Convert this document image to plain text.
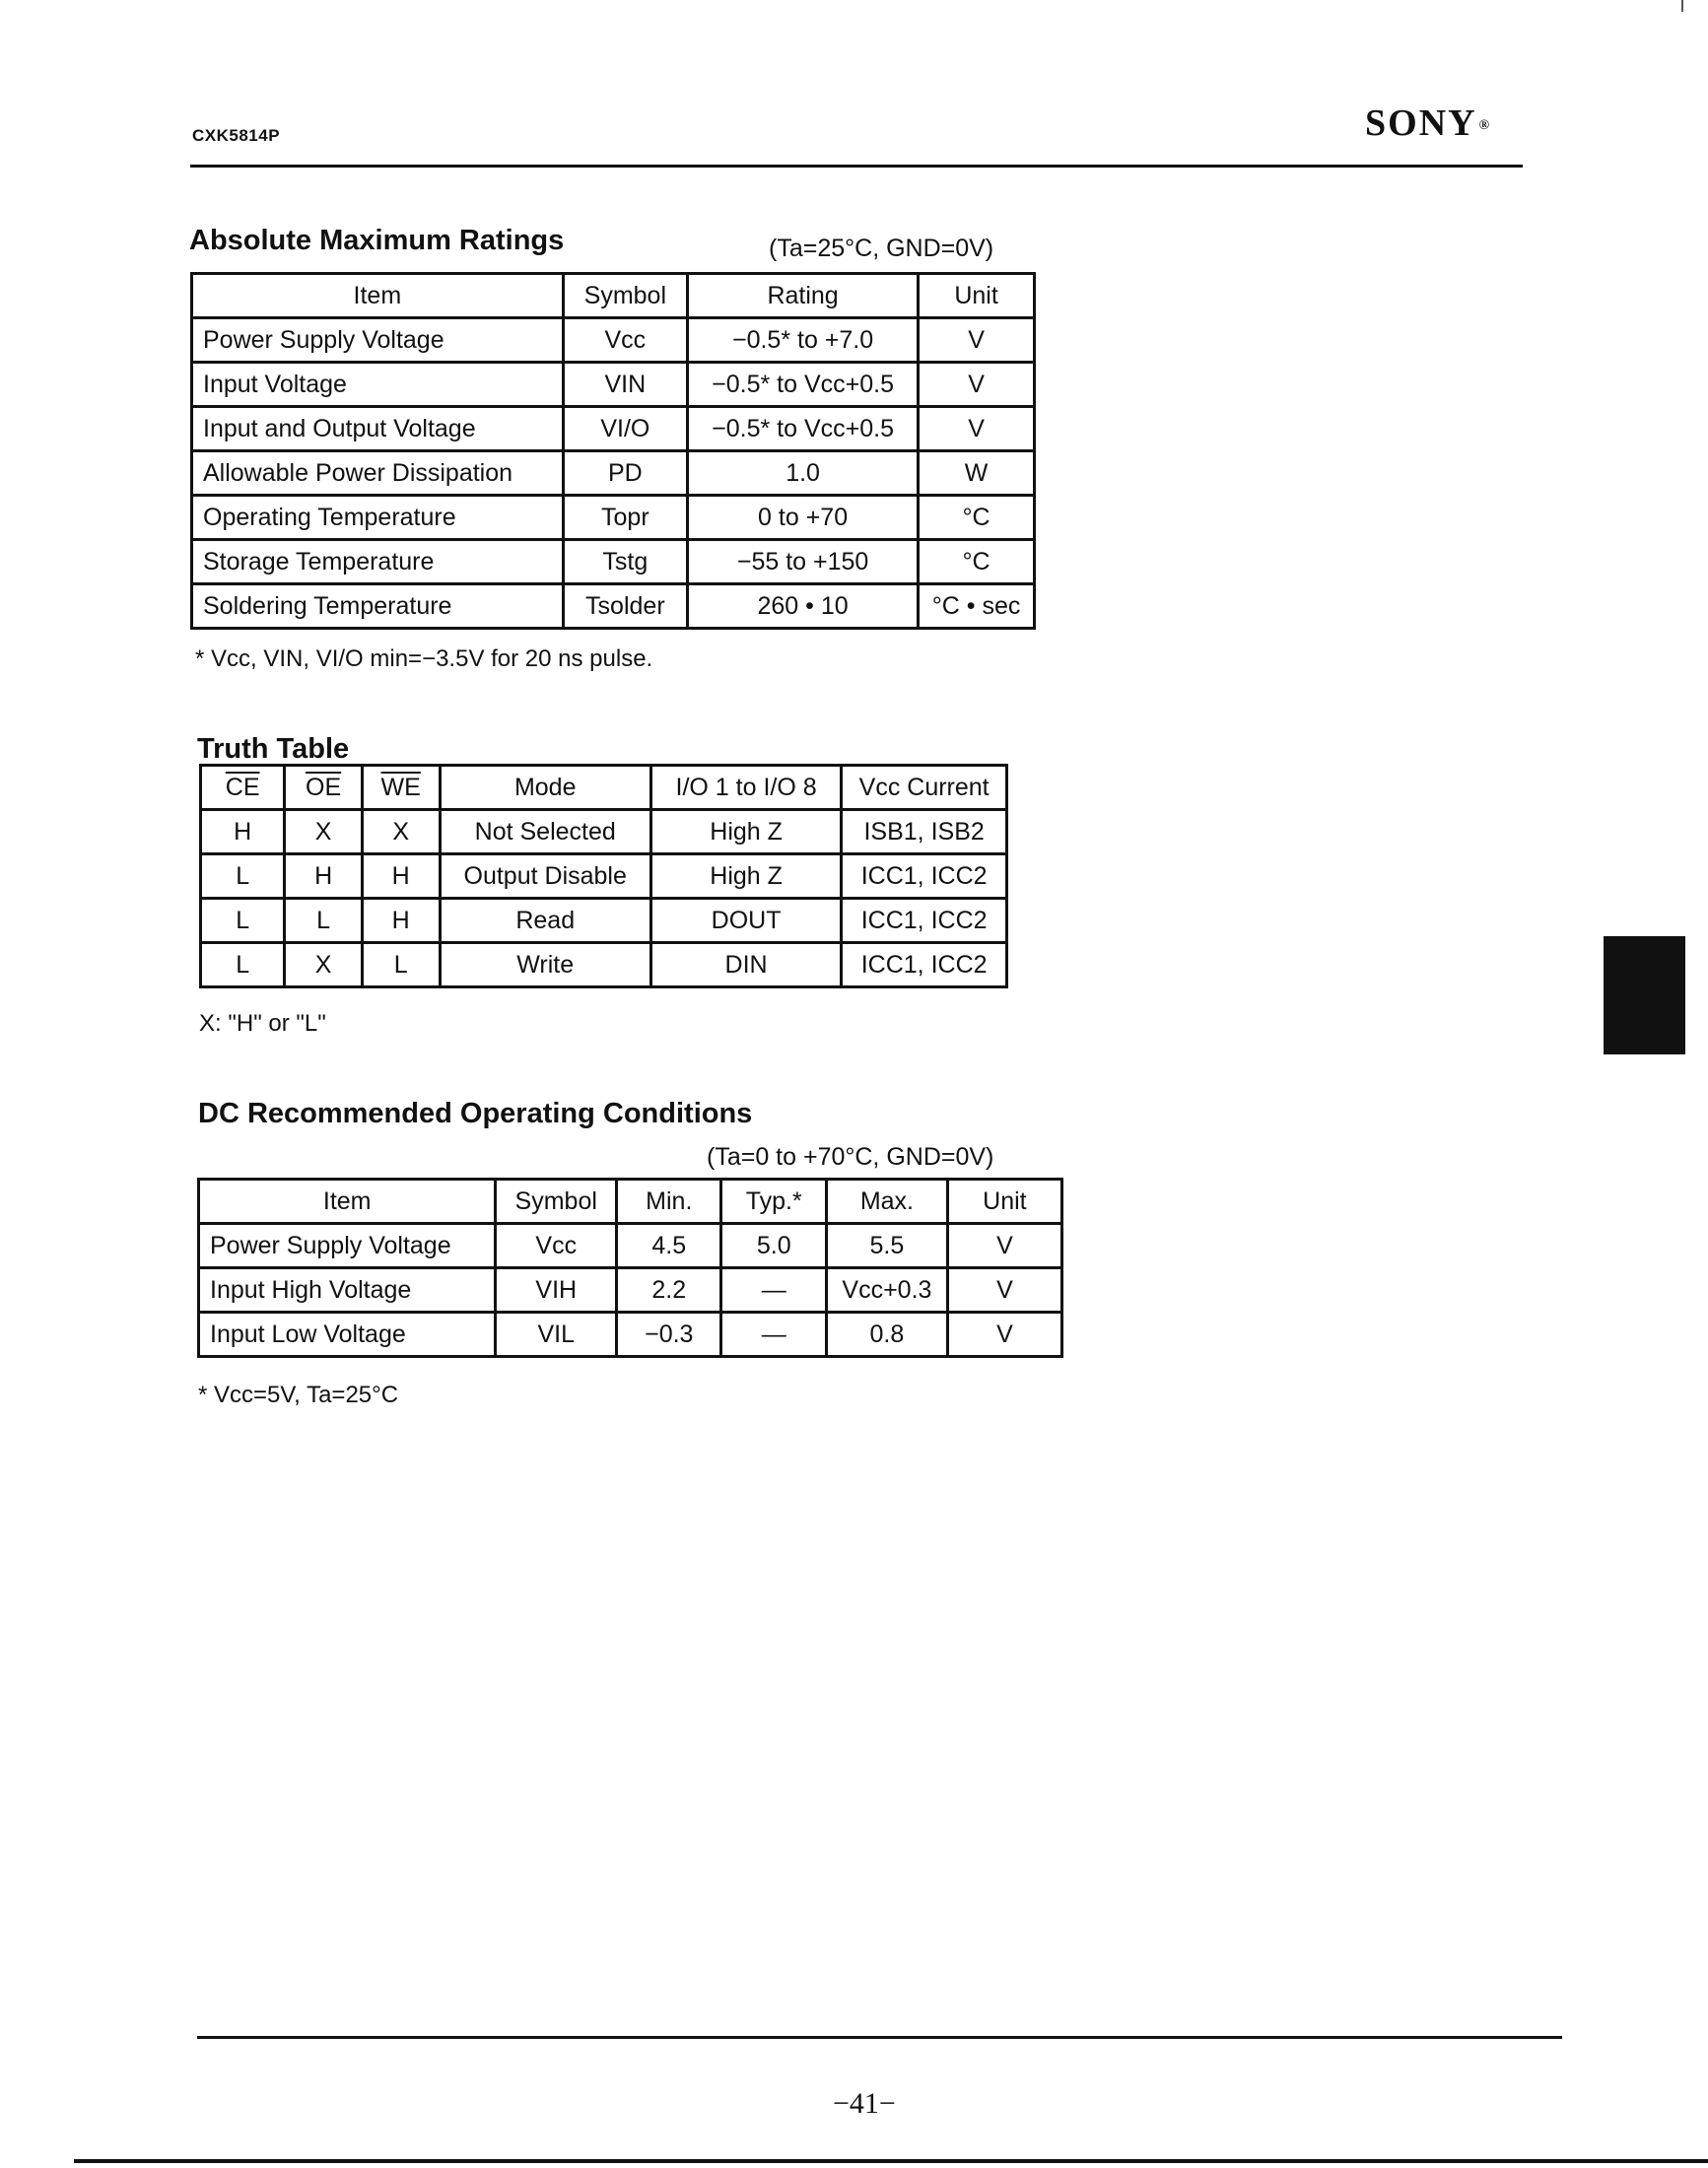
CXK5814P	SONY ®
Absolute Maximum Ratings	(Ta=25°C, GND=0V)
Item	Symbol	Rating	Unit
Power Supply Voltage	Vcc	−0.5* to +7.0	V
Input Voltage	VIN	−0.5* to Vcc+0.5	V
Input and Output Voltage	VI/O	−0.5* to Vcc+0.5	V
Allowable Power Dissipation	PD	1.0	W
Operating Temperature	Topr	0 to +70	°C
Storage Temperature	Tstg	−55 to +150	°C
Soldering Temperature	Tsolder	260 • 10	°C • sec
* Vcc, VIN, VI/O min=−3.5V for 20 ns pulse.
Truth Table
$\overline{CE}$	$\overline{OE}$	$\overline{WE}$	Mode	I/O 1 to I/O 8	Vcc Current
H	X	X	Not Selected	High Z	ISB1, ISB2
L	H	H	Output Disable	High Z	ICC1, ICC2
L	L	H	Read	DOUT	ICC1, ICC2
L	X	L	Write	DIN	ICC1, ICC2
X: "H" or "L"
DC Recommended Operating Conditions
(Ta=0 to +70°C, GND=0V)
Item	Symbol	Min.	Typ.*	Max.	Unit
Power Supply Voltage	Vcc	4.5	5.0	5.5	V
Input High Voltage	VIH	2.2	—	Vcc+0.3	V
Input Low Voltage	VIL	−0.3	—	0.8	V
* Vcc=5V, Ta=25°C
−41−
